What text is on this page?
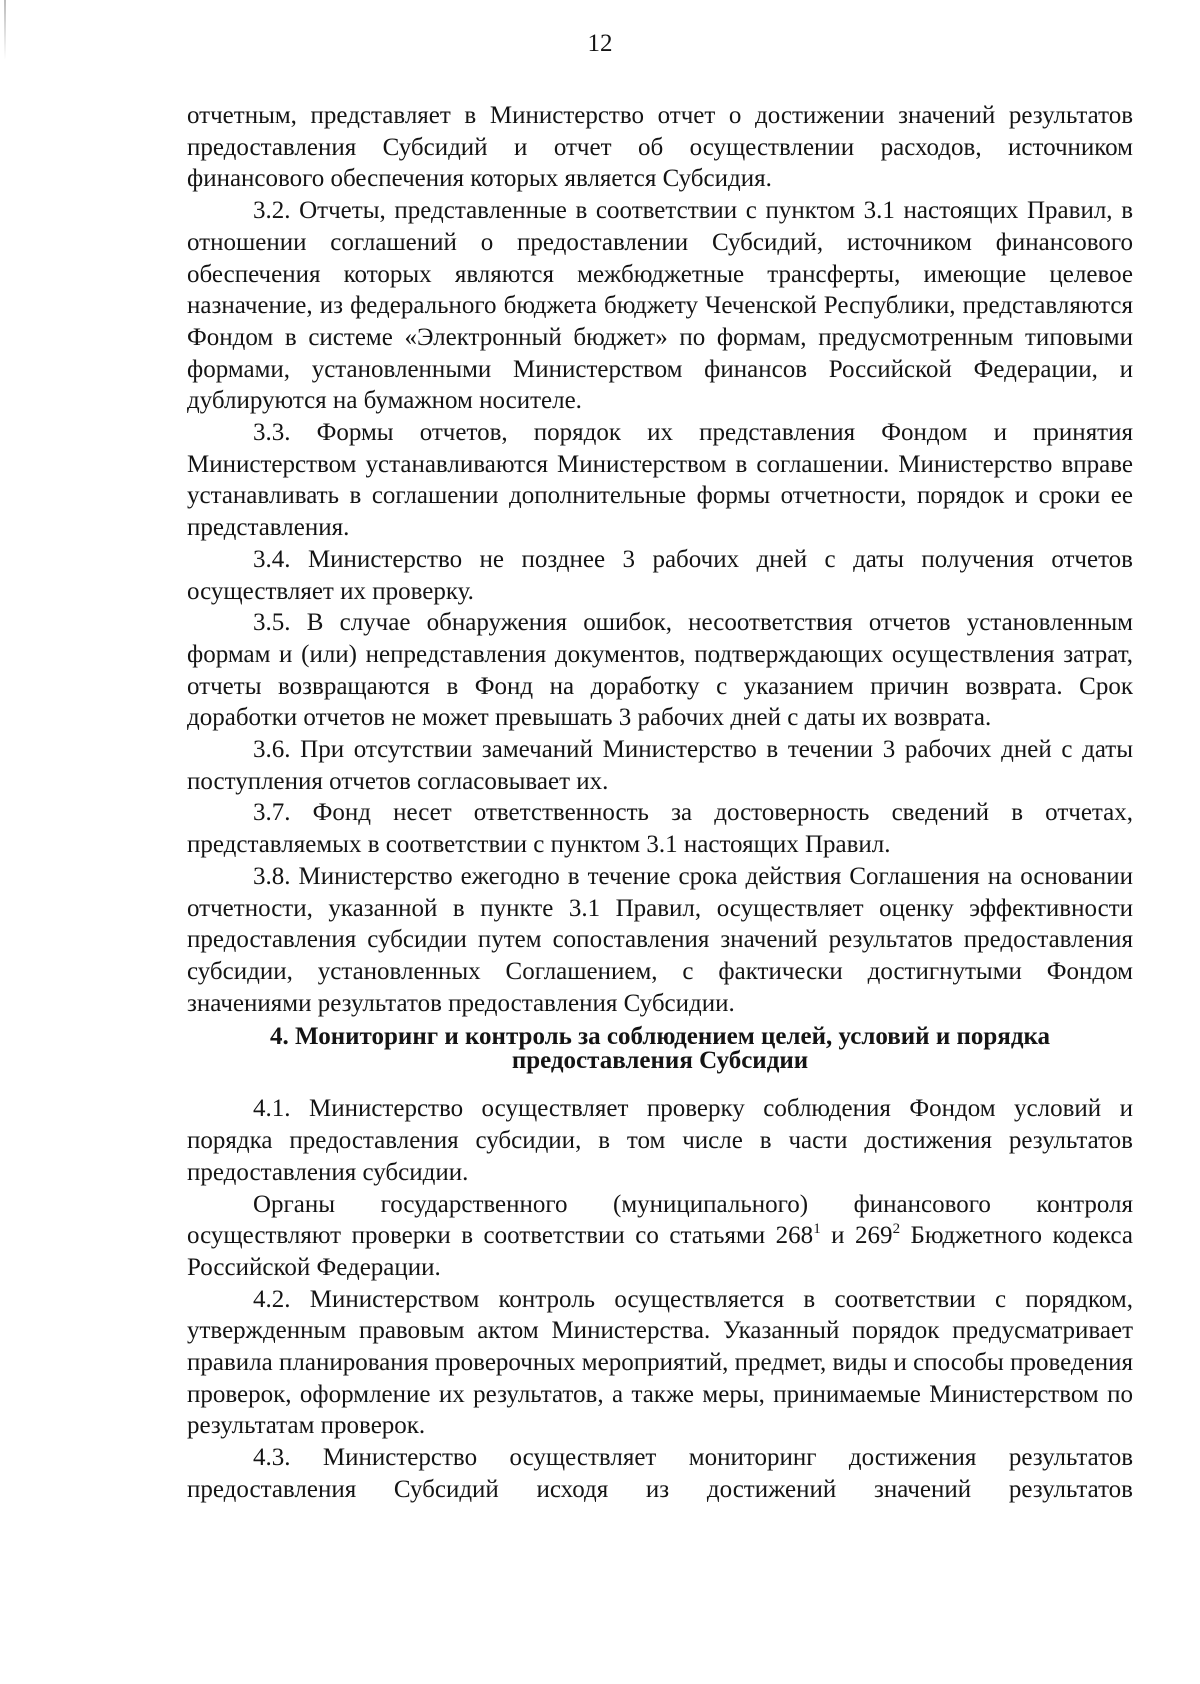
12

отчетным, представляет в Министерство отчет о достижении значений результатов предоставления Субсидий и отчет об осуществлении расходов, источником финансового обеспечения которых является Субсидия.

3.2. Отчеты, представленные в соответствии с пунктом 3.1 настоящих Правил, в отношении соглашений о предоставлении Субсидий, источником финансового обеспечения которых являются межбюджетные трансферты, имеющие целевое назначение, из федерального бюджета бюджету Чеченской Республики, представляются Фондом в системе «Электронный бюджет» по формам, предусмотренным типовыми формами, установленными Министерством финансов Российской Федерации, и дублируются на бумажном носителе.

3.3. Формы отчетов, порядок их представления Фондом и принятия Министерством устанавливаются Министерством в соглашении. Министерство вправе устанавливать в соглашении дополнительные формы отчетности, порядок и сроки ее представления.

3.4. Министерство не позднее 3 рабочих дней с даты получения отчетов осуществляет их проверку.

3.5. В случае обнаружения ошибок, несоответствия отчетов установленным формам и (или) непредставления документов, подтверждающих осуществления затрат, отчеты возвращаются в Фонд на доработку с указанием причин возврата. Срок доработки отчетов не может превышать 3 рабочих дней с даты их возврата.

3.6. При отсутствии замечаний Министерство в течении 3 рабочих дней с даты поступления отчетов согласовывает их.

3.7. Фонд несет ответственность за достоверность сведений в отчетах, представляемых в соответствии с пунктом 3.1 настоящих Правил.

3.8. Министерство ежегодно в течение срока действия Соглашения на основании отчетности, указанной в пункте 3.1 Правил, осуществляет оценку эффективности предоставления субсидии путем сопоставления значений результатов предоставления субсидии, установленных Соглашением, с фактически достигнутыми Фондом значениями результатов предоставления Субсидии.

4. Мониторинг и контроль за соблюдением целей, условий и порядка
предоставления Субсидии

4.1. Министерство осуществляет проверку соблюдения Фондом условий и порядка предоставления субсидии, в том числе в части достижения результатов предоставления субсидии.

Органы государственного (муниципального) финансового контроля осуществляют проверки в соответствии со статьями $268^1$ и $269^2$ Бюджетного кодекса Российской Федерации.

4.2. Министерством контроль осуществляется в соответствии с порядком, утвержденным правовым актом Министерства. Указанный порядок предусматривает правила планирования проверочных мероприятий, предмет, виды и способы проведения проверок, оформление их результатов, а также меры, принимаемые Министерством по результатам проверок.

4.3. Министерство осуществляет мониторинг достижения результатов предоставления Субсидий исходя из достижений значений результатов
